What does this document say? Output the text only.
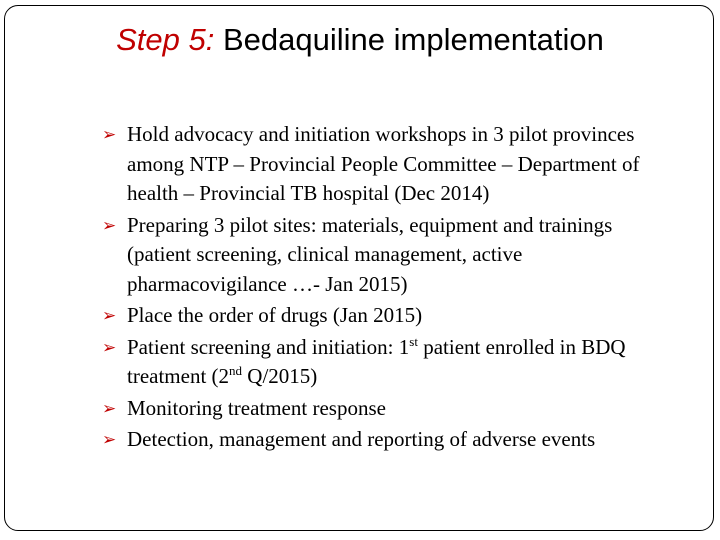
Step 5: Bedaquiline implementation
➢ Hold advocacy and initiation workshops in 3 pilot provinces among NTP – Provincial People Committee – Department of health – Provincial TB hospital (Dec 2014)
➢ Preparing 3 pilot sites: materials, equipment and trainings (patient screening, clinical management, active pharmacovigilance …- Jan 2015)
➢ Place the order of drugs (Jan 2015)
➢ Patient screening and initiation: 1st patient enrolled in BDQ treatment (2nd Q/2015)
➢ Monitoring treatment response
➢ Detection, management and reporting of adverse events
